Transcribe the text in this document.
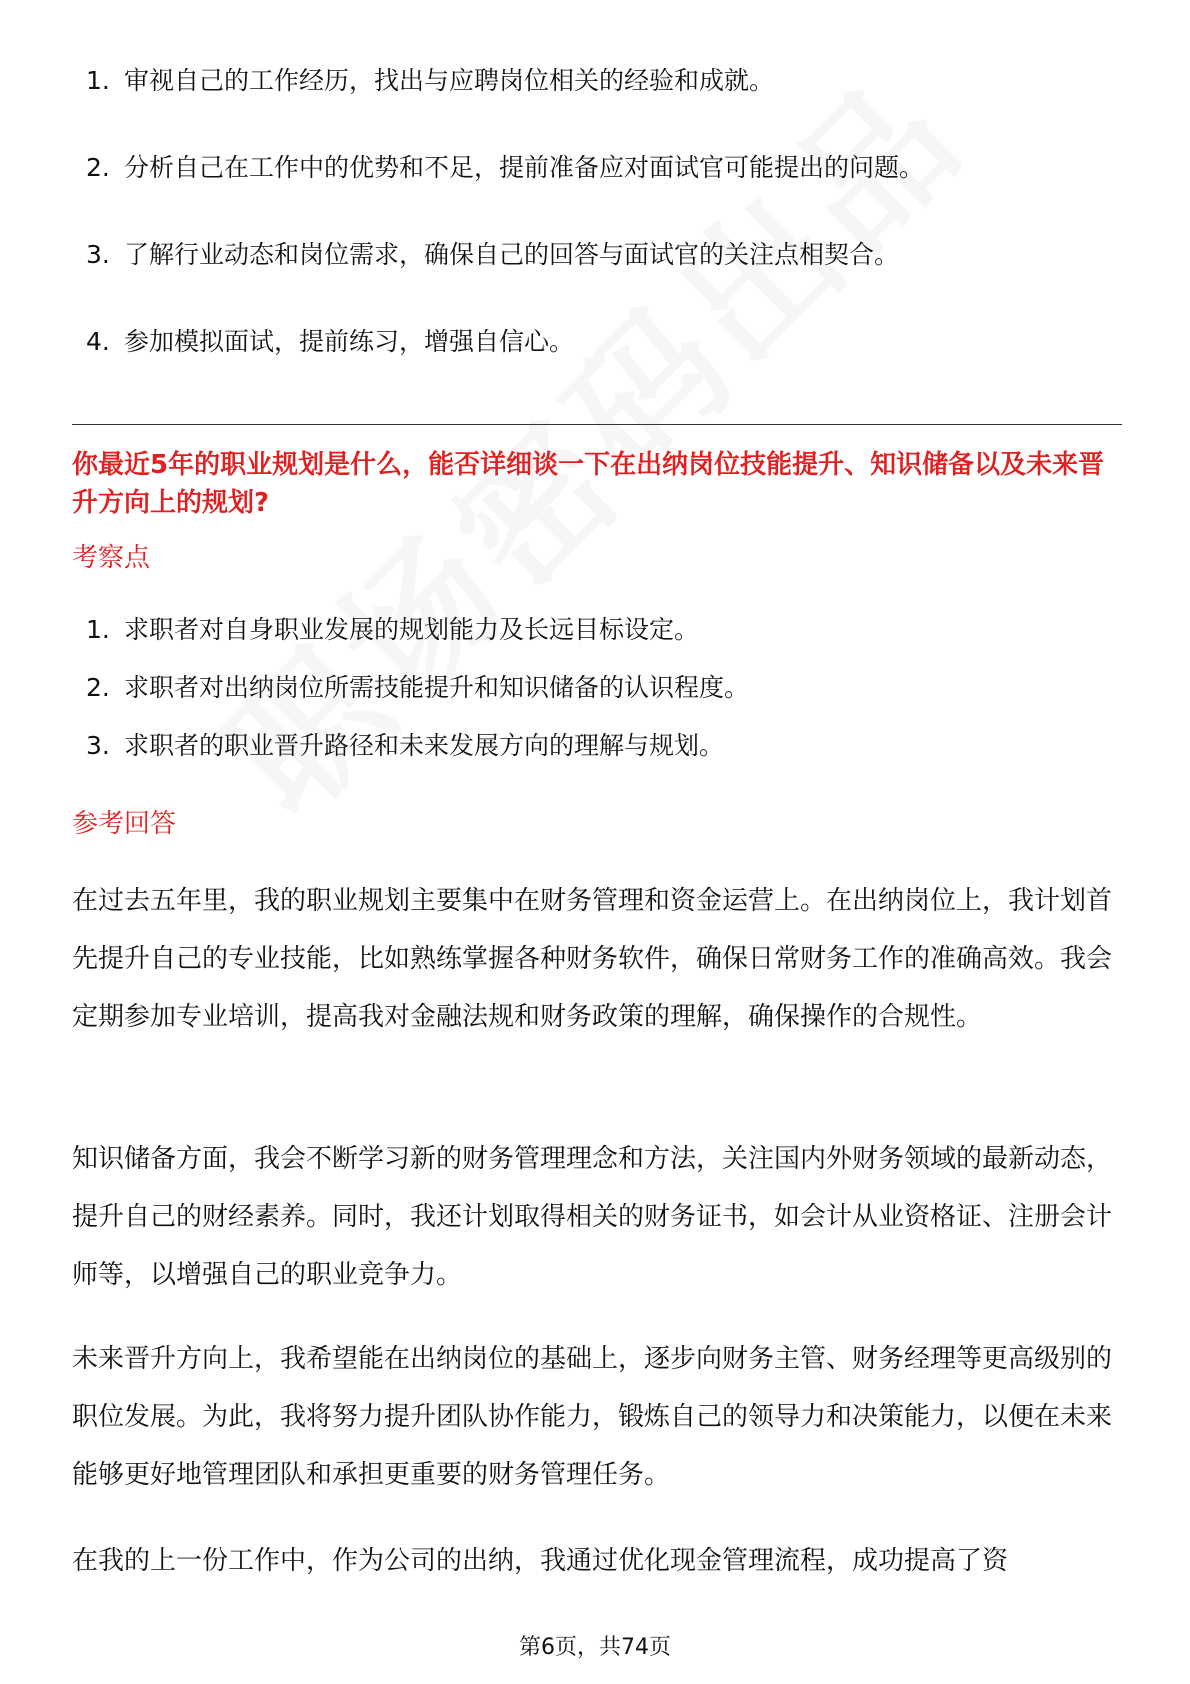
1. 审视自己的工作经历，找出与应聘岗位相关的经验和成就。
2. 分析自己在工作中的优势和不足，提前准备应对面试官可能提出的问题。
3. 了解行业动态和岗位需求，确保自己的回答与面试官的关注点相契合。
4. 参加模拟面试，提前练习，增强自信心。
你最近5年的职业规划是什么，能否详细谈一下在出纳岗位技能提升、知识储备以及未来晋升方向上的规划?
考察点
1. 求职者对自身职业发展的规划能力及长远目标设定。
2. 求职者对出纳岗位所需技能提升和知识储备的认识程度。
3. 求职者的职业晋升路径和未来发展方向的理解与规划。
参考回答

在过去五年里，我的职业规划主要集中在财务管理和资金运营上。在出纳岗位上，我计划首先提升自己的专业技能，比如熟练掌握各种财务软件，确保日常财务工作的准确高效。我会定期参加专业培训，提高我对金融法规和财务政策的理解，确保操作的合规性。

知识储备方面，我会不断学习新的财务管理理念和方法，关注国内外财务领域的最新动态，提升自己的财经素养。同时，我还计划取得相关的财务证书，如会计从业资格证、注册会计师等，以增强自己的职业竞争力。

未来晋升方向上，我希望能在出纳岗位的基础上，逐步向财务主管、财务经理等更高级别的职位发展。为此，我将努力提升团队协作能力，锻炼自己的领导力和决策能力，以便在未来能够更好地管理团队和承担更重要的财务管理任务。

在我的上一份工作中，作为公司的出纳，我通过优化现金管理流程，成功提高了资

第6页，共74页
